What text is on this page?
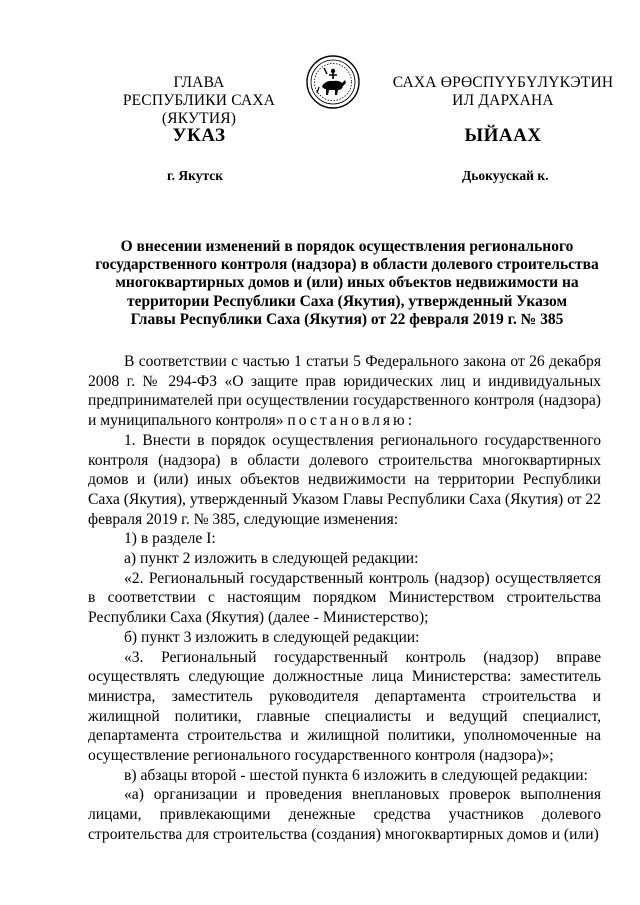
ГЛАВА
РЕСПУБЛИКИ САХА (ЯКУТИЯ)
САХА ӨРӨСПҮҮБҮЛҮКЭТИН
ИЛ ДАРХАНА
УКАЗ	ЫЙААХ
г. Якутск	Дьокуускай к.
О внесении изменений в порядок осуществления регионального
государственного контроля (надзора) в области долевого строительства
многоквартирных домов и (или) иных объектов недвижимости на
территории Республики Саха (Якутия), утвержденный Указом
Главы Республики Саха (Якутия) от 22 февраля 2019 г. № 385

В соответствии с частью 1 статьи 5 Федерального закона от 26 декабря 2008 г. № 294-ФЗ «О защите прав юридических лиц и индивидуальных предпринимателей при осуществлении государственного контроля (надзора) и муниципального контроля» постановляю:

1. Внести в порядок осуществления регионального государственного контроля (надзора) в области долевого строительства многоквартирных домов и (или) иных объектов недвижимости на территории Республики Саха (Якутия), утвержденный Указом Главы Республики Саха (Якутия) от 22 февраля 2019 г. № 385, следующие изменения:

1) в разделе I:

а) пункт 2 изложить в следующей редакции:

«2. Региональный государственный контроль (надзор) осуществляется в соответствии с настоящим порядком Министерством строительства Республики Саха (Якутия) (далее - Министерство);

б) пункт 3 изложить в следующей редакции:

«3. Региональный государственный контроль (надзор) вправе осуществлять следующие должностные лица Министерства: заместитель министра, заместитель руководителя департамента строительства и жилищной политики, главные специалисты и ведущий специалист, департамента строительства и жилищной политики, уполномоченные на осуществление регионального государственного контроля (надзора)»;

в) абзацы второй - шестой пункта 6 изложить в следующей редакции:

«а) организации и проведения внеплановых проверок выполнения лицами, привлекающими денежные средства участников долевого строительства для строительства (создания) многоквартирных домов и (или)
